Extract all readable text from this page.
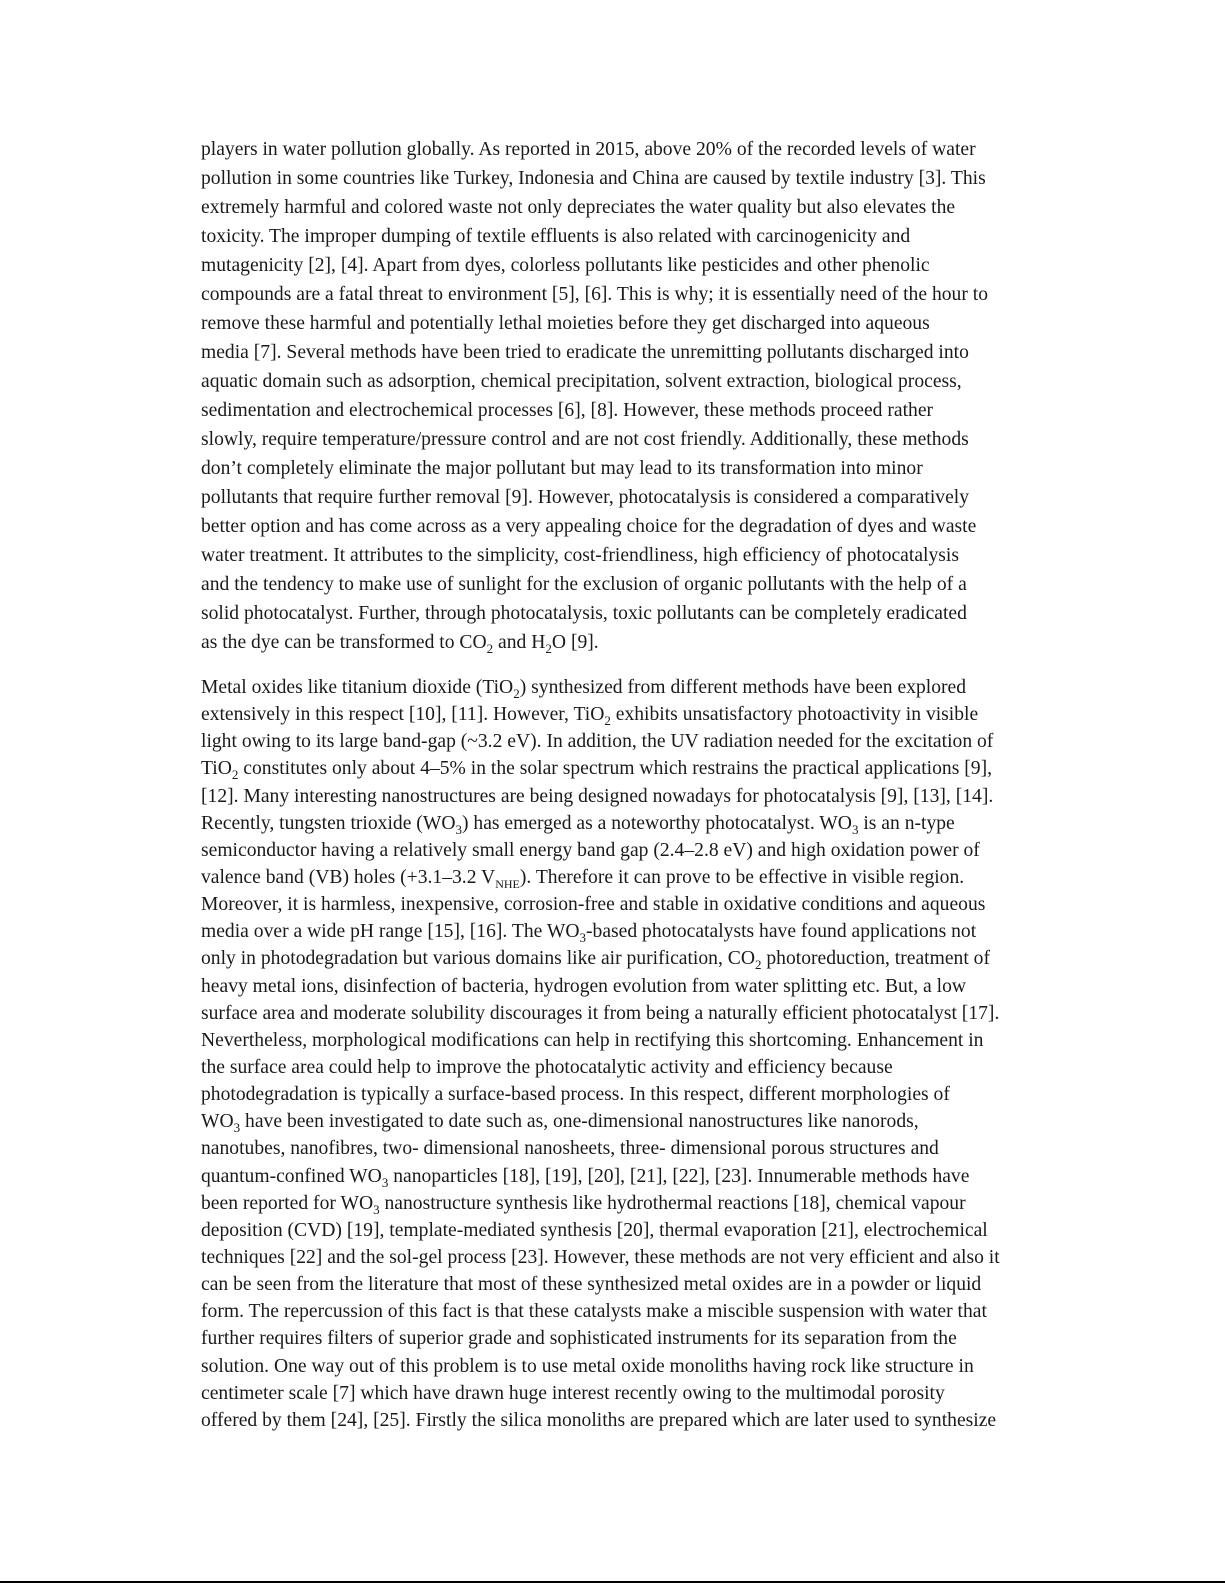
players in water pollution globally. As reported in 2015, above 20% of the recorded levels of water
pollution in some countries like Turkey, Indonesia and China are caused by textile industry [3]. This
extremely harmful and colored waste not only depreciates the water quality but also elevates the
toxicity. The improper dumping of textile effluents is also related with carcinogenicity and
mutagenicity [2], [4]. Apart from dyes, colorless pollutants like pesticides and other phenolic
compounds are a fatal threat to environment [5], [6]. This is why; it is essentially need of the hour to
remove these harmful and potentially lethal moieties before they get discharged into aqueous
media [7]. Several methods have been tried to eradicate the unremitting pollutants discharged into
aquatic domain such as adsorption, chemical precipitation, solvent extraction, biological process,
sedimentation and electrochemical processes [6], [8]. However, these methods proceed rather
slowly, require temperature/pressure control and are not cost friendly. Additionally, these methods
don’t completely eliminate the major pollutant but may lead to its transformation into minor
pollutants that require further removal [9]. However, photocatalysis is considered a comparatively
better option and has come across as a very appealing choice for the degradation of dyes and waste
water treatment. It attributes to the simplicity, cost-friendliness, high efficiency of photocatalysis
and the tendency to make use of sunlight for the exclusion of organic pollutants with the help of a
solid photocatalyst. Further, through photocatalysis, toxic pollutants can be completely eradicated
as the dye can be transformed to $CO_2$ and $H_2O$ [9].

Metal oxides like titanium dioxide (TiO$_2$) synthesized from different methods have been explored
extensively in this respect [10], [11]. However, TiO$_2$ exhibits unsatisfactory photoactivity in visible
light owing to its large band-gap (~3.2 eV). In addition, the UV radiation needed for the excitation of
TiO$_2$ constitutes only about 4–5% in the solar spectrum which restrains the practical applications [9],
[12]. Many interesting nanostructures are being designed nowadays for photocatalysis [9], [13], [14].
Recently, tungsten trioxide $(WO_3)$ has emerged as a noteworthy photocatalyst. $WO_3$ is an n-type
semiconductor having a relatively small energy band gap (2.4–2.8 eV) and high oxidation power of
valence band (VB) holes (+3.1–3.2 $V_{NHE}$). Therefore it can prove to be effective in visible region.
Moreover, it is harmless, inexpensive, corrosion-free and stable in oxidative conditions and aqueous
media over a wide pH range [15], [16]. The $WO_3$-based photocatalysts have found applications not
only in photodegradation but various domains like air purification, $CO_2$ photoreduction, treatment of
heavy metal ions, disinfection of bacteria, hydrogen evolution from water splitting etc. But, a low
surface area and moderate solubility discourages it from being a naturally efficient photocatalyst [17].
Nevertheless, morphological modifications can help in rectifying this shortcoming. Enhancement in
the surface area could help to improve the photocatalytic activity and efficiency because
photodegradation is typically a surface-based process. In this respect, different morphologies of
$WO_3$ have been investigated to date such as, one-dimensional nanostructures like nanorods,
nanotubes, nanofibres, two- dimensional nanosheets, three- dimensional porous structures and
quantum-confined $WO_3$ nanoparticles [18], [19], [20], [21], [22], [23]. Innumerable methods have
been reported for $WO_3$ nanostructure synthesis like hydrothermal reactions [18], chemical vapour
deposition (CVD) [19], template-mediated synthesis [20], thermal evaporation [21], electrochemical
techniques [22] and the sol-gel process [23]. However, these methods are not very efficient and also it
can be seen from the literature that most of these synthesized metal oxides are in a powder or liquid
form. The repercussion of this fact is that these catalysts make a miscible suspension with water that
further requires filters of superior grade and sophisticated instruments for its separation from the
solution. One way out of this problem is to use metal oxide monoliths having rock like structure in
centimeter scale [7] which have drawn huge interest recently owing to the multimodal porosity
offered by them [24], [25]. Firstly the silica monoliths are prepared which are later used to synthesize
